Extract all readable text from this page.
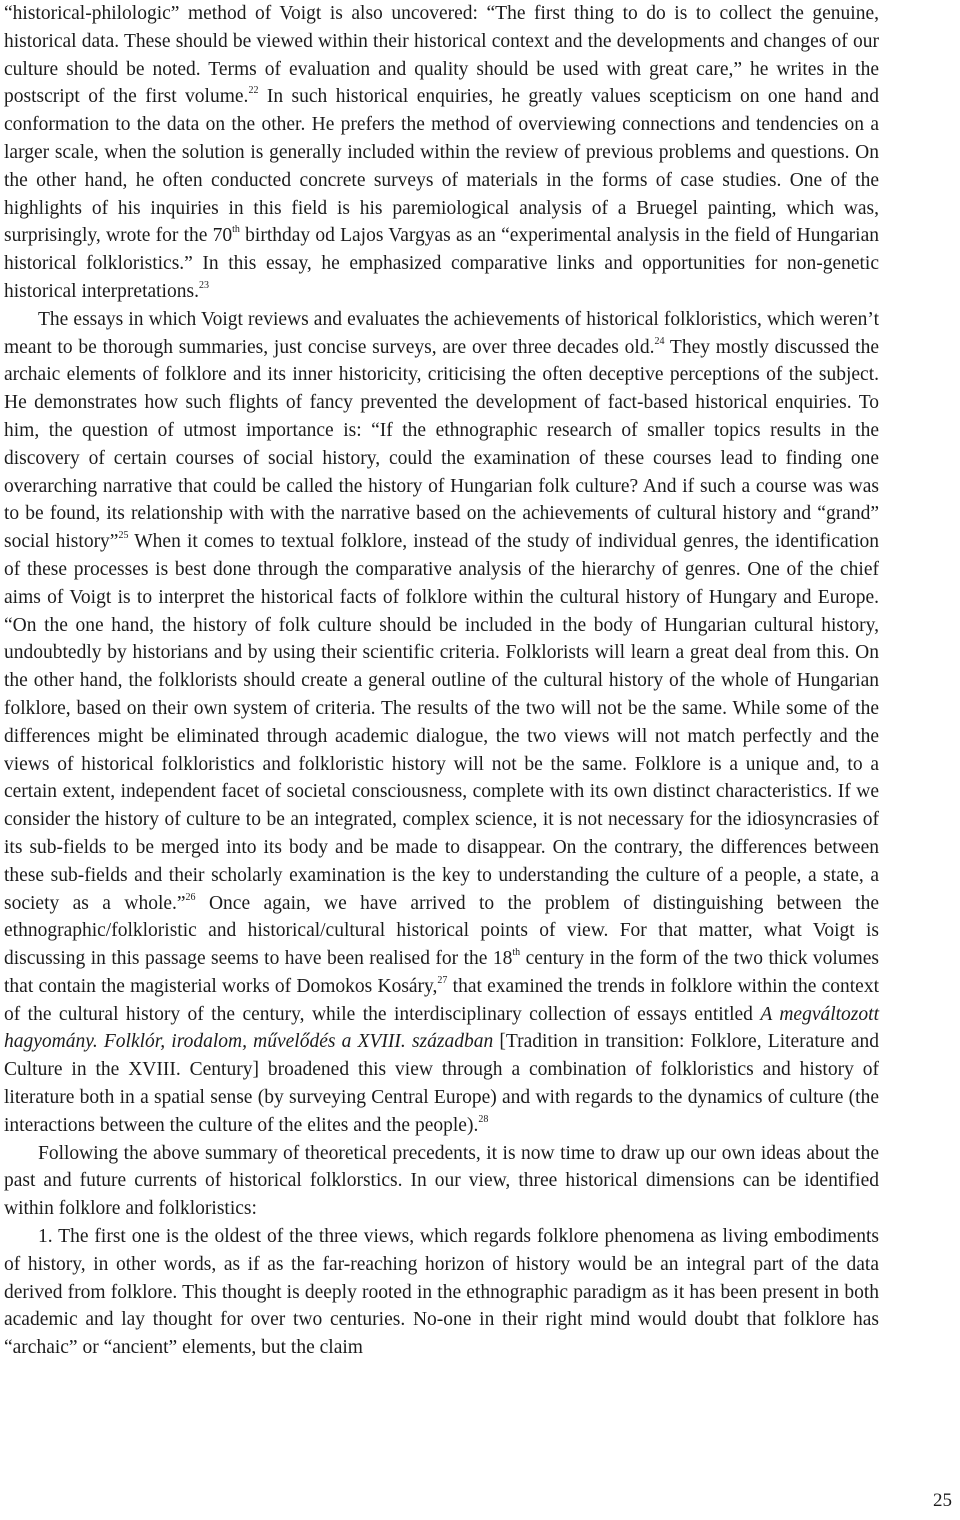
“historical-philologic” method of Voigt is also uncovered: “The first thing to do is to collect the genuine, historical data. These should be viewed within their historical context and the developments and changes of our culture should be noted. Terms of evaluation and quality should be used with great care,” he writes in the postscript of the first volume.$^{22}$ In such historical enquiries, he greatly values scepticism on one hand and conformation to the data on the other. He prefers the method of overviewing connections and tendencies on a larger scale, when the solution is generally included within the review of previous problems and questions. On the other hand, he often conducted concrete surveys of materials in the forms of case studies. One of the highlights of his inquiries in this field is his paremiological analysis of a Bruegel painting, which was, surprisingly, wrote for the 70th birthday od Lajos Vargyas as an “experimental analysis in the field of Hungarian historical folkloristics.” In this essay, he emphasized comparative links and opportunities for non-genetic historical interpretations.$^{23}$

The essays in which Voigt reviews and evaluates the achievements of historical folkloristics, which weren’t meant to be thorough summaries, just concise surveys, are over three decades old.$^{24}$ They mostly discussed the archaic elements of folklore and its inner historicity, criticising the often deceptive perceptions of the subject. He demonstrates how such flights of fancy prevented the development of fact-based historical enquiries. To him, the question of utmost importance is: “If the ethnographic research of smaller topics results in the discovery of certain courses of social history, could the examination of these courses lead to finding one overarching narrative that could be called the history of Hungarian folk culture? And if such a course was was to be found, its relationship with with the narrative based on the achievements of cultural history and “grand” social history”$^{25}$ When it comes to textual folklore, instead of the study of individual genres, the identification of these processes is best done through the comparative analysis of the hierarchy of genres. One of the chief aims of Voigt is to interpret the historical facts of folklore within the cultural history of Hungary and Europe. “On the one hand, the history of folk culture should be included in the body of Hungarian cultural history, undoubtedly by historians and by using their scientific criteria. Folklorists will learn a great deal from this. On the other hand, the folklorists should create a general outline of the cultural history of the whole of Hungarian folklore, based on their own system of criteria. The results of the two will not be the same. While some of the differences might be eliminated through academic dialogue, the two views will not match perfectly and the views of historical folkloristics and folkloristic history will not be the same. Folklore is a unique and, to a certain extent, independent facet of societal consciousness, complete with its own distinct characteristics. If we consider the history of culture to be an integrated, complex science, it is not necessary for the idiosyncrasies of its sub-fields to be merged into its body and be made to disappear. On the contrary, the differences between these sub-fields and their scholarly examination is the key to understanding the culture of a people, a state, a society as a whole.”$^{26}$ Once again, we have arrived to the problem of distinguishing between the ethnographic/folkloristic and historical/cultural historical points of view. For that matter, what Voigt is discussing in this passage seems to have been realised for the 18th century in the form of the two thick volumes that contain the magisterial works of Domokos Kosáry,$^{27}$ that examined the trends in folklore within the context of the cultural history of the century, while the interdisciplinary collection of essays entitled A megváltozott hagyomány. Folklór, irodalom, művelődés a XVIII. században [Tradition in transition: Folklore, Literature and Culture in the XVIII. Century] broadened this view through a combination of folkloristics and history of literature both in a spatial sense (by surveying Central Europe) and with regards to the dynamics of culture (the interactions between the culture of the elites and the people).$^{28}$

Following the above summary of theoretical precedents, it is now time to draw up our own ideas about the past and future currents of historical folklorstics. In our view, three historical dimensions can be identified within folklore and folkloristics:

1. The first one is the oldest of the three views, which regards folklore phenomena as living embodiments of history, in other words, as if as the far-reaching horizon of history would be an integral part of the data derived from folklore. This thought is deeply rooted in the ethnographic paradigm as it has been present in both academic and lay thought for over two centuries. No-one in their right mind would doubt that folklore has “archaic” or “ancient” elements, but the claim

25
